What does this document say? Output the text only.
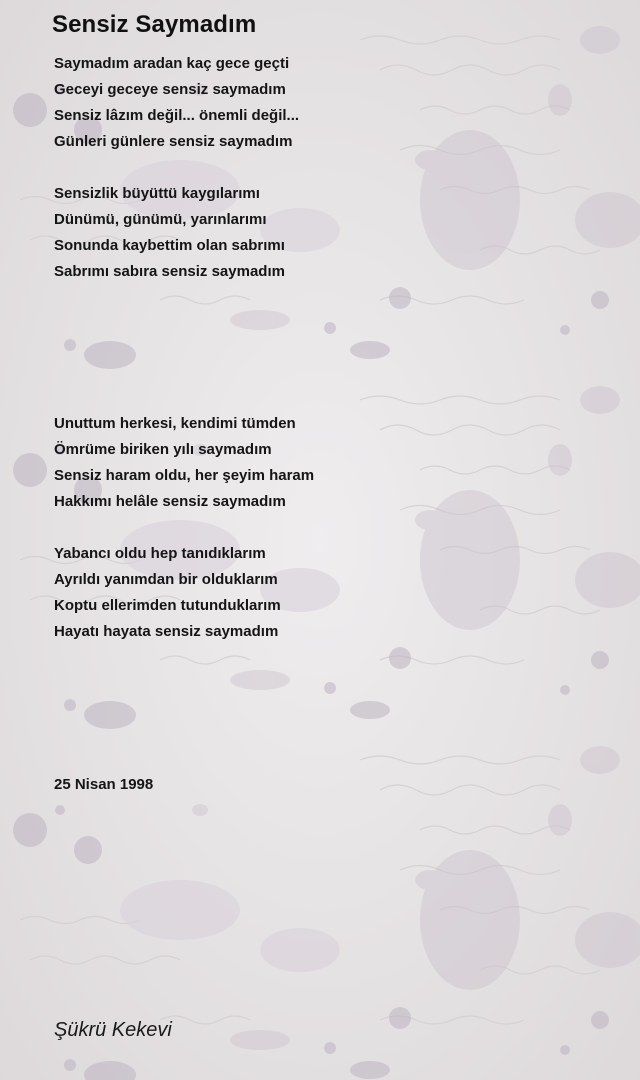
Sensiz Saymadım
Saymadım aradan kaç gece geçti
Geceyi geceye sensiz saymadım
Sensiz lâzım değil... önemli değil...
Günleri günlere sensiz saymadım
Sensizlik büyüttü kaygılarımı
Dünümü, günümü, yarınlarımı
Sonunda kaybettim olan sabrımı
Sabrımı sabıra sensiz saymadım
Unuttum herkesi, kendimi tümden
Ömrüme biriken yılı saymadım
Sensiz haram oldu, her şeyim haram
Hakkımı helâle sensiz saymadım
Yabancı oldu hep tanıdıklarım
Ayrıldı yanımdan bir olduklarım
Koptu ellerimden tutunduklarım
Hayatı hayata sensiz saymadım
25 Nisan 1998
Şükrü Kekevi
